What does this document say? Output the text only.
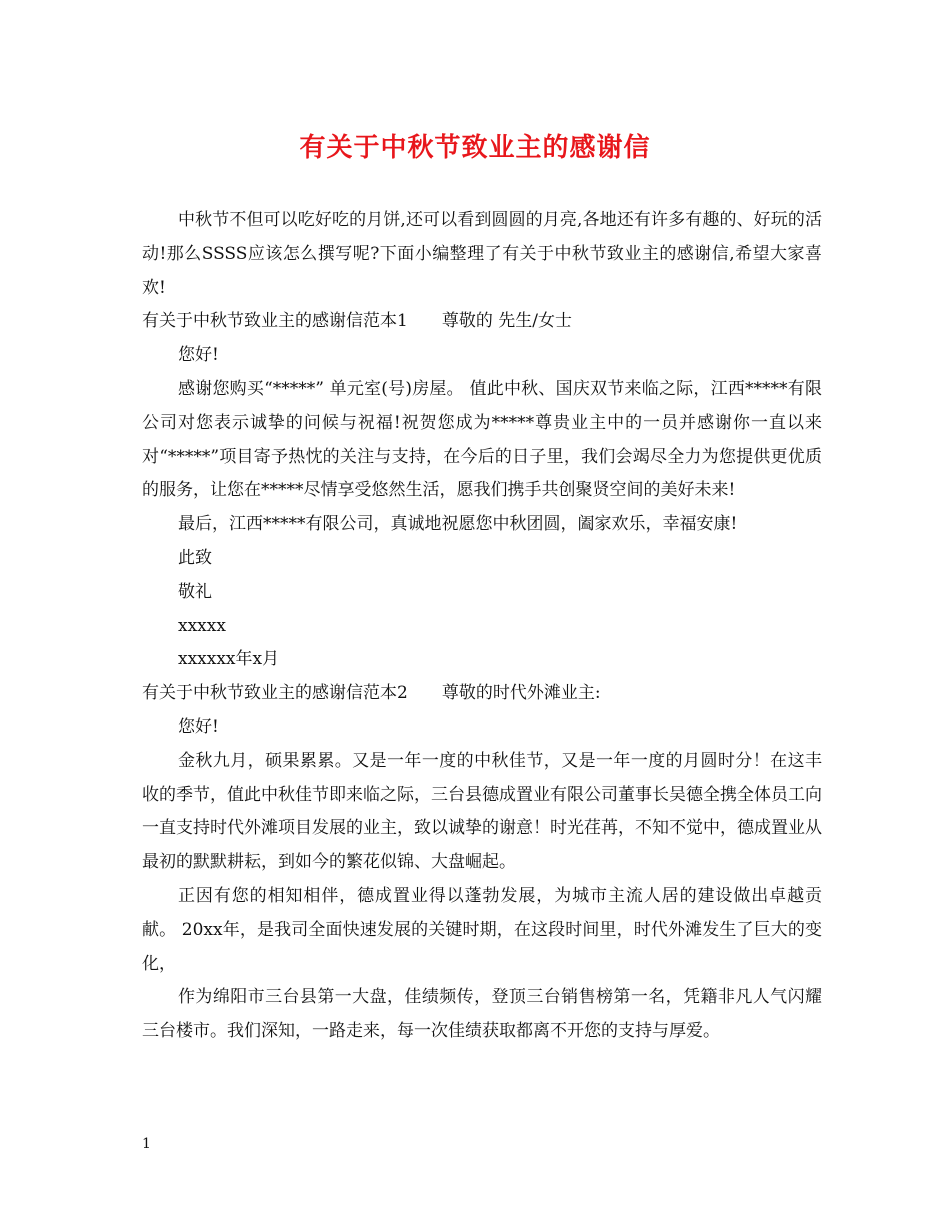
有关于中秋节致业主的感谢信

中秋节不但可以吃好吃的月饼,还可以看到圆圆的月亮,各地还有许多有趣的、好玩的活动!那么SSSS应该怎么撰写呢?下面小编整理了有关于中秋节致业主的感谢信,希望大家喜欢!

有关于中秋节致业主的感谢信范本1　　尊敬的 先生/女士

您好!

感谢您购买“*****” 单元室(号)房屋。 值此中秋、国庆双节来临之际，江西*****有限公司对您表示诚挚的问候与祝福!祝贺您成为*****尊贵业主中的一员并感谢你一直以来对“*****”项目寄予热忱的关注与支持，在今后的日子里，我们会竭尽全力为您提供更优质的服务，让您在*****尽情享受悠然生活，愿我们携手共创聚贤空间的美好未来!

最后，江西*****有限公司，真诚地祝愿您中秋团圆，阖家欢乐，幸福安康!

此致

敬礼

xxxxx

xxxxxx年x月

有关于中秋节致业主的感谢信范本2　　尊敬的时代外滩业主:

您好!

金秋九月，硕果累累。又是一年一度的中秋佳节，又是一年一度的月圆时分！在这丰收的季节，值此中秋佳节即来临之际，三台县德成置业有限公司董事长吴德全携全体员工向一直支持时代外滩项目发展的业主，致以诚挚的谢意！时光荏苒，不知不觉中，德成置业从最初的默默耕耘，到如今的繁花似锦、大盘崛起。

正因有您的相知相伴，德成置业得以蓬勃发展，为城市主流人居的建设做出卓越贡献。 20xx年，是我司全面快速发展的关键时期，在这段时间里，时代外滩发生了巨大的变化，

作为绵阳市三台县第一大盘，佳绩频传，登顶三台销售榜第一名，凭籍非凡人气闪耀三台楼市。我们深知，一路走来，每一次佳绩获取都离不开您的支持与厚爱。

1
